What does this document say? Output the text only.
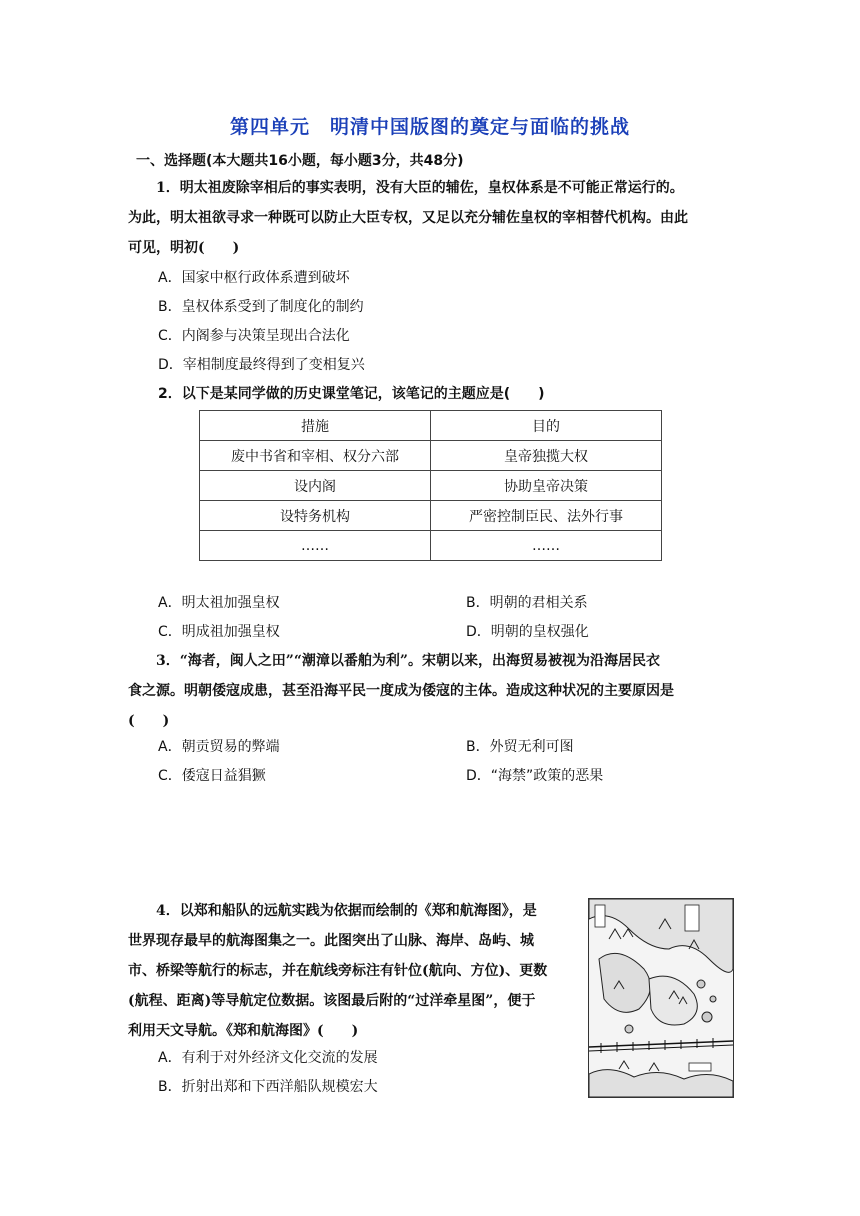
第四单元　明清中国版图的奠定与面临的挑战
一、选择题(本大题共16小题，每小题3分，共48分)
1．明太祖废除宰相后的事实表明，没有大臣的辅佐，皇权体系是不可能正常运行的。
为此，明太祖欲寻求一种既可以防止大臣专权，又足以充分辅佐皇权的宰相替代机构。由此
可见，明初(　　)
A．国家中枢行政体系遭到破坏
B．皇权体系受到了制度化的制约
C．内阁参与决策呈现出合法化
D．宰相制度最终得到了变相复兴
2．以下是某同学做的历史课堂笔记，该笔记的主题应是(　　)
措施	目的
废中书省和宰相、权分六部	皇帝独揽大权
设内阁	协助皇帝决策
设特务机构	严密控制臣民、法外行事
……	……
A．明太祖加强皇权	B．明朝的君相关系
C．明成祖加强皇权	D．明朝的皇权强化
3．“海者，闽人之田”“潮漳以番舶为利”。宋朝以来，出海贸易被视为沿海居民衣
食之源。明朝倭寇成患，甚至沿海平民一度成为倭寇的主体。造成这种状况的主要原因是
(　　)
A．朝贡贸易的弊端	B．外贸无利可图
C．倭寇日益猖獗	D．“海禁”政策的恶果
4．以郑和船队的远航实践为依据而绘制的《郑和航海图》，是
世界现存最早的航海图集之一。此图突出了山脉、海岸、岛屿、城
市、桥梁等航行的标志，并在航线旁标注有针位(航向、方位)、更数
(航程、距离)等导航定位数据。该图最后附的“过洋牵星图”，便于
利用天文导航。《郑和航海图》(　　)
A．有利于对外经济文化交流的发展
B．折射出郑和下西洋船队规模宏大
